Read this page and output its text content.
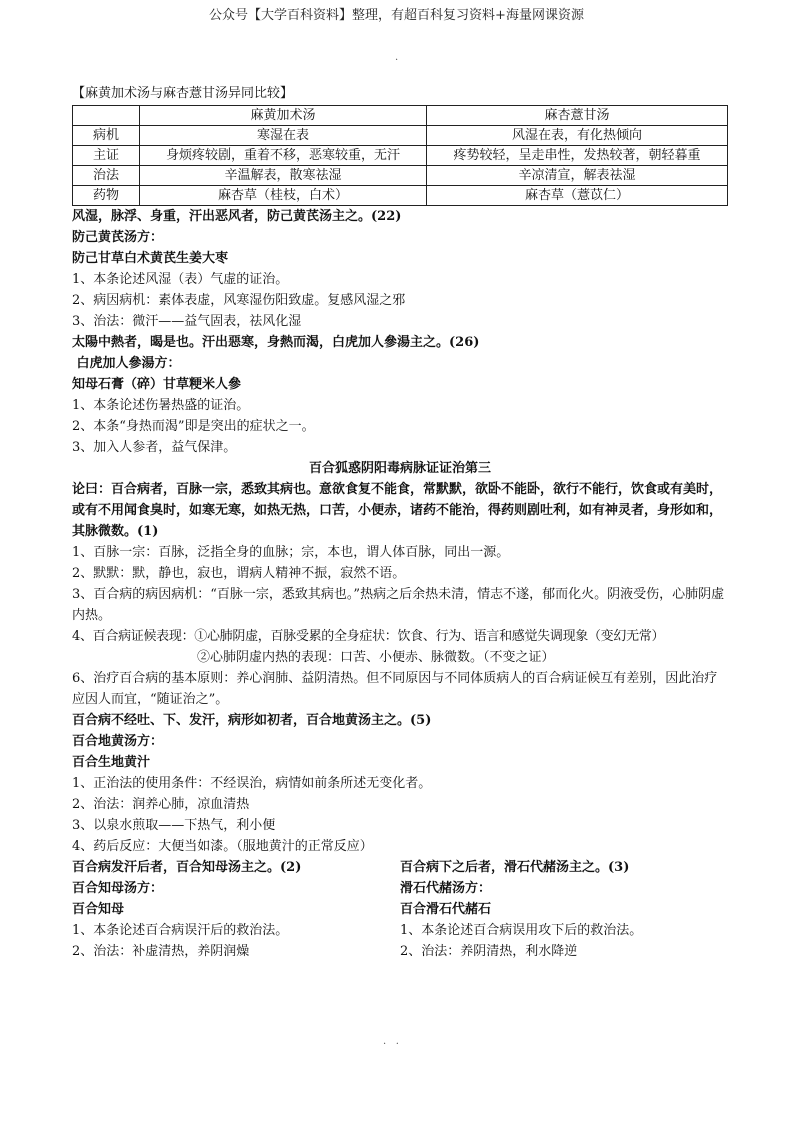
公众号【大学百科资料】整理，有超百科复习资料+海量网课资源
.
【麻黄加术汤与麻杏薏甘汤异同比较】
	麻黄加术汤	麻杏薏甘汤
病机	寒湿在表	风湿在表，有化热倾向
主证	身烦疼较剧，重着不移，恶寒较重，无汗	疼势较轻，呈走串性，发热较著，朝轻暮重
治法	辛温解表，散寒祛湿	辛凉清宣，解表祛湿
药物	麻杏草（桂枝，白术）	麻杏草（薏苡仁）
风湿，脉浮、身重，汗出恶风者，防己黄芪汤主之。(22)
防己黄芪汤方：
防己甘草白术黄芪生姜大枣
1、本条论述风湿（表）气虚的证治。
2、病因病机：素体表虚，风寒湿伤阳致虚。复感风湿之邪
3、治法：微汗——益气固表，祛风化湿
太陽中熱者，暍是也。汗出惡寒，身熱而渴，白虎加人參湯主之。(26)
白虎加人參湯方：
知母石膏（碎）甘草粳米人參
1、本条论述伤暑热盛的证治。
2、本条“身热而渴”即是突出的症状之一。
3、加入人参者，益气保津。
百合狐惑阴阳毒病脉证证治第三
论曰：百合病者，百脉一宗，悉致其病也。意欲食复不能食，常默默，欲卧不能卧，欲行不能行，饮食或有美时，或有不用闻食臭时，如寒无寒，如热无热，口苦，小便赤，诸药不能治，得药则剧吐利，如有神灵者，身形如和，其脉微数。(1)
1、百脉一宗：百脉，泛指全身的血脉；宗，本也，谓人体百脉，同出一源。
2、默默：默，静也，寂也，谓病人精神不振，寂然不语。
3、百合病的病因病机：“百脉一宗，悉致其病也。”热病之后余热未清，情志不遂，郁而化火。阴液受伤，心肺阴虚内热。
4、百合病证候表现：①心肺阴虚，百脉受累的全身症状：饮食、行为、语言和感觉失调现象（变幻无常）
②心肺阴虚内热的表现：口苦、小便赤、脉微数。（不变之证）
6、治疗百合病的基本原则：养心润肺、益阴清热。但不同原因与不同体质病人的百合病证候互有差别，因此治疗应因人而宜，“随证治之”。
百合病不经吐、下、发汗，病形如初者，百合地黄汤主之。(5)
百合地黄汤方：
百合生地黄汁
1、正治法的使用条件：不经误治，病情如前条所述无变化者。
2、治法：润养心肺，凉血清热
3、以泉水煎取——下热气，利小便
4、药后反应：大便当如漆。（服地黄汁的正常反应）
百合病发汗后者，百合知母汤主之。(2)
百合知母汤方：
百合知母
1、本条论述百合病误汗后的救治法。
2、治法：补虚清热，养阴润燥
百合病下之后者，滑石代赭汤主之。(3)
滑石代赭汤方：
百合滑石代赭石
1、本条论述百合病误用攻下后的救治法。
2、治法：养阴清热，利水降逆
.   .
